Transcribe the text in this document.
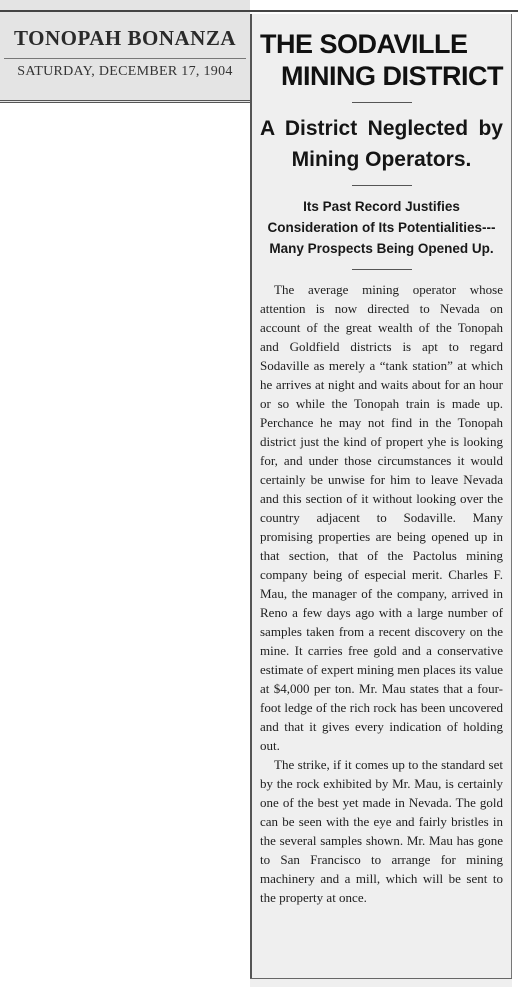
TONOPAH BONANZA
SATURDAY, DECEMBER 17, 1904
THE SODAVILLE
MINING DISTRICT
A District Neglected by
Mining Operators.
Its Past Record Justifies Consideration of Its Potentialities---Many Prospects Being Opened Up.

The average mining operator whose attention is now directed to Nevada on account of the great wealth of the Tonopah and Goldfield districts is apt to regard Sodaville as merely a “tank station” at which he arrives at night and waits about for an hour or so while the Tonopah train is made up. Perchance he may not find in the Tonopah district just the kind of propert yhe is looking for, and under those circumstances it would certainly be unwise for him to leave Nevada and this section of it without looking over the country adjacent to Sodaville. Many promising properties are being opened up in that section, that of the Pactolus mining company being of especial merit. Charles F. Mau, the manager of the company, arrived in Reno a few days ago with a large number of samples taken from a recent discovery on the mine. It carries free gold and a conservative estimate of expert mining men places its value at $4,000 per ton. Mr. Mau states that a four-foot ledge of the rich rock has been uncovered and that it gives every indication of holding out.

The strike, if it comes up to the standard set by the rock exhibited by Mr. Mau, is certainly one of the best yet made in Nevada. The gold can be seen with the eye and fairly bristles in the several samples shown. Mr. Mau has gone to San Francisco to arrange for mining machinery and a mill, which will be sent to the property at once.
